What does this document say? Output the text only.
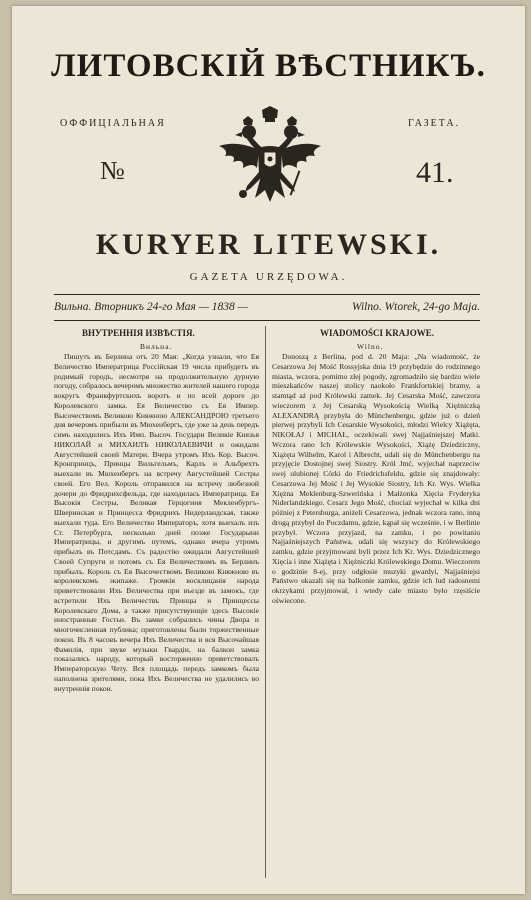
ЛИТОВСКІЙ ВѢСТНИКЪ.
ОФФИЦІАЛЬНАЯ	ГАЗЕТА.
№	41.
KURYER LITEWSKI.
GAZETA URZĘDOWA.
Вильна. Вторникъ 24-го Мая — 1838 —	Wilno. Wtorek, 24-go Maja.
ВНУТРЕННІЯ ИЗВѢСТІЯ.
Вильна.
WIADOMOŚCI KRAJOWE.
Wilno.

Пишутъ въ Берлина отъ 20 Мая: „Когда узнали, что Ея Величество Императрица Россійская 19 числа прибудетъ въ родимый городъ, несмотря на продолжительную дурную погоду, собралось вечеромъ множество жителей нашего города вокругъ Франкфуртскихъ воротъ и по всей дороге до Королевского замка. Ея Величество съ Ея Импер. Высочествомъ Великою Княжною АЛЕКСАНДРОЮ третьего дня вечеромъ прибыли въ Мюхенбергъ, где уже за день передъ симъ находились Ихъ Имп. Высоч. Государи Великіе Князья НИКОЛАЙ и МИХАИЛЪ НИКОЛАЕВИЧИ и ожидали Августейшей своей Матери. Вчера утромъ Ихъ Кор. Высоч. Кронпринцъ, Принцы Вильгельмъ, Карлъ и Альбрехтъ выехали въ Мюхенбергъ на встречу Августейшей Сестры своей. Его Вел. Король отправился на встречу любезной дочери до Фридрихсфельда, где находилась Императрица. Ея Высокія Сестры, Великая Герцогиня Мекленбургъ-Шверинская и Принцесса Фридрихъ Нидерландская, также выехали туда. Его Величество Императоръ, хотя выехалъ изъ Ст. Петербурга, несколько дней позже Государыни Императрицы, и другимъ путемъ, однако вчера утромъ прибылъ въ Потсдамъ. Съ радостію ожидали Августейшей Своей Супруги и потомъ съ Ея Величествомъ въ Берлинъ прибылъ. Король съ Ея Высочествомъ Великою Княжною въ королевскомъ экипаже. Громкія восклицанія народа приветствовали Ихъ Величества при въезде въ замокъ, где встретили Ихъ Величествъ Принцы и Принцессы Королевскаго Дома, а также присутствующіе здесь Высокіе иностранные Гостьи. Въ замке собрались чины Двора и многочисленная публика; приготовлены были торжественные покои. Въ 8 часовъ вечера Ихъ Величества и вся Высочайшая Фамилія, при звуке музыки Гвардіи, на балкон замка показались народу, который восторженно приветствовалъ Императорскую Чету. Вся площадь передъ замкомъ была наполнена зрителями, пока Ихъ Величества не удалились во внутреннія покои.

Donoszą z Berlina, pod d. 20 Maja: „Na wiadomość, że Cesarzowa Jej Mość Rossyjska dnia 19 przybędzie do rodzinnego miasta, wczora, pomimo złej pogody, zgromadziło się bardzo wiele mieszkańców naszej stolicy naokoło Frankfortskiej bramy, a stamtąd aż pod Królewski zamek. Jej Cesarska Mość, zawczora wieczorem z Jej Cesarską Wysokością Wielką Xiężniczką ALEXANDRĄ przybyła do Münchenbergu, gdzie już o dzień pierwej przybyli Ich Cesarskie Wysokości, młodzi Wielcy Xiążęta, NIKOŁAJ i MICHAŁ, oczekiwali swej Najjaśniejszej Matki. Wczora rano Ich Królewskie Wysokości, Xiążę Dziedziczny, Xiążęta Wilhelm, Karol i Albrecht, udali się do Münchenbergu na przyjęcie Dostojnej swej Siostry. Król Jmć, wyjechał naprzeciw swej ulubionej Córki do Friedrichsfeldu, gdzie się znajdowały: Cesarzowa Jej Mość i Jej Wysokie Siostry, Ich Kr. Wys. Wielka Xiężna Meklenburg-Szwerińska i Małżonka Xięcia Fryderyka Niderlandzkiego. Cesarz Jego Mość, chociaż wyjechał w kilka dni później z Petersburga, aniżeli Cesarzowa, jednak wczora rano, inną drogą przybył do Poczdamu, gdzie, kąpał się wcześnie, i w Berlinie przybył. Wczora przyjazd, na zamku, i po powitaniu Najjaśniejszych Państwa, udali się wszyscy do Królewskiego zamku, gdzie przyjmowani byli przez Ich Kr. Wys. Dziedzicznego Xięcia i inne Xiążęta i Xiężniczki Królewskiego Domu. Wieczorem o godzinie 8-ej, przy odgłosie muzyki gwardyi, Najjaśniejsi Państwo ukazali się na balkonie zamku, gdzie ich lud radosnemi okrzykami przyjmował, i wtedy całe miasto było rzęsiście oświecone.
